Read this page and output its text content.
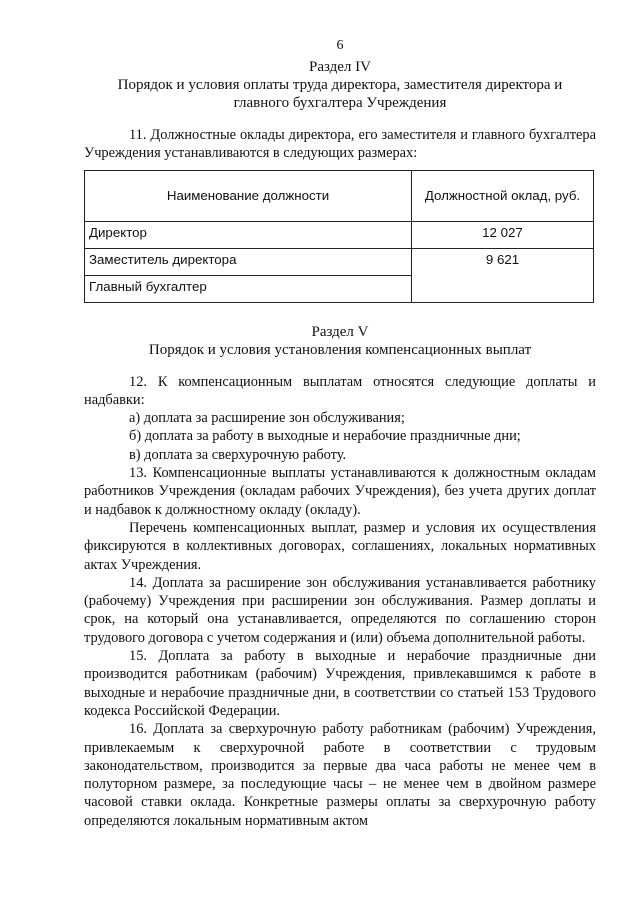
6
Раздел IV
Порядок и условия оплаты труда директора, заместителя директора и главного бухгалтера Учреждения

11. Должностные оклады директора, его заместителя и главного бухгалтера Учреждения устанавливаются в следующих размерах:

Наименование должности	Должностной оклад, руб.
Директор	12 027
Заместитель директора	9 621
Главный бухгалтер	
Раздел V
Порядок и условия установления компенсационных выплат

12. К компенсационным выплатам относятся следующие доплаты и надбавки:

а) доплата за расширение зон обслуживания;

б) доплата за работу в выходные и нерабочие праздничные дни;

в) доплата за сверхурочную работу.

13. Компенсационные выплаты устанавливаются к должностным окладам работников Учреждения (окладам рабочих Учреждения), без учета других доплат и надбавок к должностному окладу (окладу).

Перечень компенсационных выплат, размер и условия их осуществления фиксируются в коллективных договорах, соглашениях, локальных нормативных актах Учреждения.

14. Доплата за расширение зон обслуживания устанавливается работнику (рабочему) Учреждения при расширении зон обслуживания. Размер доплаты и срок, на который она устанавливается, определяются по соглашению сторон трудового договора с учетом содержания и (или) объема дополнительной работы.

15. Доплата за работу в выходные и нерабочие праздничные дни производится работникам (рабочим) Учреждения, привлекавшимся к работе в выходные и нерабочие праздничные дни, в соответствии со статьей 153 Трудового кодекса Российской Федерации.

16. Доплата за сверхурочную работу работникам (рабочим) Учреждения, привлекаемым к сверхурочной работе в соответствии с трудовым законодательством, производится за первые два часа работы не менее чем в полуторном размере, за последующие часы – не менее чем в двойном размере часовой ставки оклада. Конкретные размеры оплаты за сверхурочную работу определяются локальным нормативным актом
